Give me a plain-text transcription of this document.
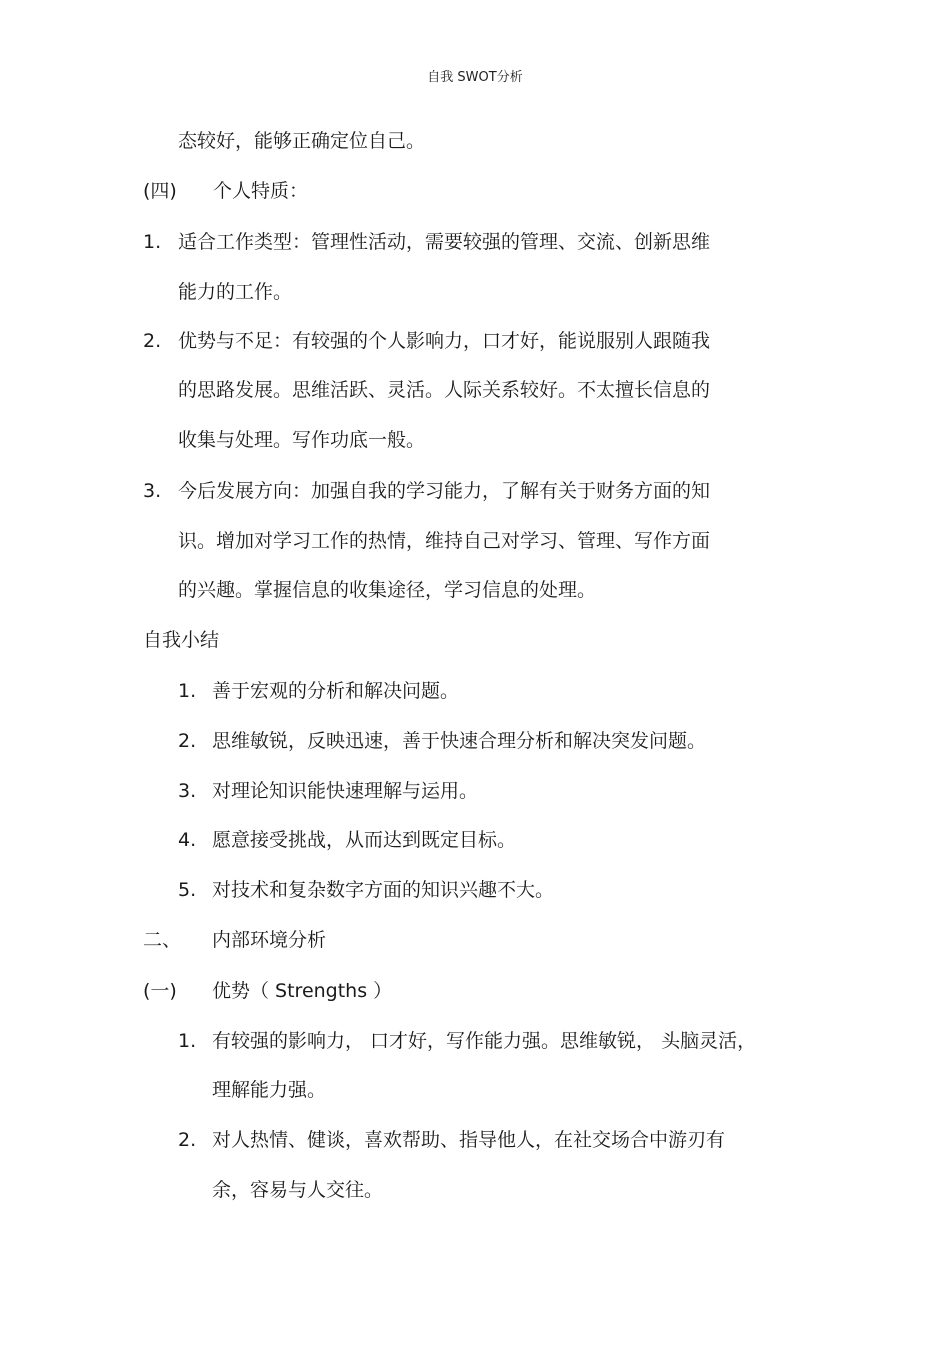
自我 SWOT分析
态较好，能够正确定位自己。
(四) 个人特质：
1. 适合工作类型：管理性活动，需要较强的管理、交流、创新思维
能力的工作。
2. 优势与不足：有较强的个人影响力，口才好，能说服别人跟随我
的思路发展。思维活跃、灵活。人际关系较好。不太擅长信息的
收集与处理。写作功底一般。
3. 今后发展方向：加强自我的学习能力，了解有关于财务方面的知
识。增加对学习工作的热情，维持自己对学习、管理、写作方面
的兴趣。掌握信息的收集途径，学习信息的处理。
自我小结
1. 善于宏观的分析和解决问题。
2. 思维敏锐，反映迅速，善于快速合理分析和解决突发问题。
3. 对理论知识能快速理解与运用。
4. 愿意接受挑战，从而达到既定目标。
5. 对技术和复杂数字方面的知识兴趣不大。
二、 内部环境分析
(一) 优势（ Strengths ）
1. 有较强的影响力， 口才好，写作能力强。思维敏锐， 头脑灵活，
理解能力强。
2. 对人热情、健谈，喜欢帮助、指导他人，在社交场合中游刃有
余，容易与人交往。
